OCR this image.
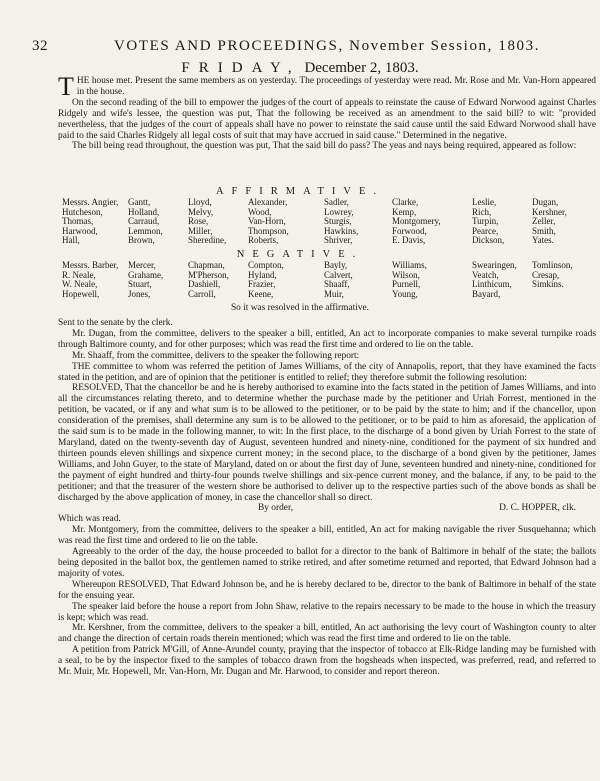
32	VOTES AND PROCEEDINGS, November Session, 1803.
FRIDAY, December 2, 1803.

THE house met. Present the same members as on yesterday. The proceedings of yesterday were read. Mr. Rose and Mr. Van-Horn appeared in the house.

On the second reading of the bill to empower the judges of the court of appeals to reinstate the cause of Edward Norwood against Charles Ridgely and wife's lessee, the question was put, That the following be received as an amendment to the said bill? to wit: "provided nevertheless, that the judges of the court of appeals shall have no power to reinstate the said cause until the said Edward Norwood shall have paid to the said Charles Ridgely all legal costs of suit that may have accrued in said cause." Determined in the negative.

The bill being read throughout, the question was put, That the said bill do pass? The yeas and nays being required, appeared as follow:

AFFIRMATIVE.
Messrs. Angier,
Hutcheson,
Thomas,
Harwood,
Hall,
Gantt,
Holland,
Carraud,
Lemmon,
Brown,
Lloyd,
Melvy,
Rose,
Miller,
Sheredine,
Alexander,
Wood,
Van-Horn,
Thompson,
Roberts,
Sadler,
Lowrey,
Sturgis,
Hawkins,
Shriver,
Clarke,
Kemp,
Montgomery,
Forwood,
E. Davis,
Leslie,
Rich,
Turpin,
Pearce,
Dickson,
Dugan,
Kershner,
Zeller,
Smith,
Yates.
NEGATIVE.
Messrs. Barber,
R. Neale,
W. Neale,
Hopewell,
Mercer,
Grahame,
Stuart,
Jones,
Chapman,
M'Pherson,
Dashiell,
Carroll,
Compton,
Hyland,
Frazier,
Keene,
Bayly,
Calvert,
Shaaff,
Muir,
Williams,
Wilson,
Purnell,
Young,
Swearingen,
Veatch,
Linthicum,
Bayard,
Tomlinson,
Cresap,
Simkins.
So it was resolved in the affirmative.

Sent to the senate by the clerk.

Mr. Dugan, from the committee, delivers to the speaker a bill, entitled, An act to incorporate companies to make several turnpike roads through Baltimore county, and for other purposes; which was read the first time and ordered to lie on the table.

Mr. Shaaff, from the committee, delivers to the speaker the following report:

THE committee to whom was referred the petition of James Williams, of the city of Annapolis, report, that they have examined the facts stated in the petition, and are of opinion that the petitioner is entitled to relief; they therefore submit the following resolution:

RESOLVED, That the chancellor be and he is hereby authorised to examine into the facts stated in the petition of James Williams, and into all the circumstances relating thereto, and to determine whether the purchase made by the petitioner and Uriah Forrest, mentioned in the petition, be vacated, or if any and what sum is to be allowed to the petitioner, or to be paid by the state to him; and if the chancellor, upon consideration of the premises, shall determine any sum is to be allowed to the petitioner, or to be paid to him as aforesaid, the application of the said sum is to be made in the following manner, to wit: In the first place, to the discharge of a bond given by Uriah Forrest to the state of Maryland, dated on the twenty-seventh day of August, seventeen hundred and ninety-nine, conditioned for the payment of six hundred and thirteen pounds eleven shillings and sixpence current money; in the second place, to the discharge of a bond given by the petitioner, James Williams, and John Guyer, to the state of Maryland, dated on or about the first day of June, seventeen hundred and ninety-nine, conditioned for the payment of eight hundred and thirty-four pounds twelve shillings and six-pence current money, and the balance, if any, to be paid to the petitioner; and that the treasurer of the western shore be authorised to deliver up to the respective parties such of the above bonds as shall be discharged by the above application of money, in case the chancellor shall so direct.

By order,	D. C. HOPPER, clk.

Which was read.

Mr. Montgomery, from the committee, delivers to the speaker a bill, entitled, An act for making navigable the river Susquehanna; which was read the first time and ordered to lie on the table.

Agreeably to the order of the day, the house proceeded to ballot for a director to the bank of Baltimore in behalf of the state; the ballots being deposited in the ballot box, the gentlemen named to strike retired, and after sometime returned and reported, that Edward Johnson had a majority of votes.

Whereupon RESOLVED, That Edward Johnson be, and he is hereby declared to be, director to the bank of Baltimore in behalf of the state for the ensuing year.

The speaker laid before the house a report from John Shaw, relative to the repairs necessary to be made to the house in which the treasury is kept; which was read.

Mr. Kershner, from the committee, delivers to the speaker a bill, entitled, An act authorising the levy court of Washington county to alter and change the direction of certain roads therein mentioned; which was read the first time and ordered to lie on the table.

A petition from Patrick M'Gill, of Anne-Arundel county, praying that the inspector of tobacco at Elk-Ridge landing may be furnished with a seal, to be by the inspector fixed to the samples of tobacco drawn from the hogsheads when inspected, was preferred, read, and referred to Mr. Muir, Mr. Hopewell, Mr. Van-Horn, Mr. Dugan and Mr. Harwood, to consider and report thereon.
